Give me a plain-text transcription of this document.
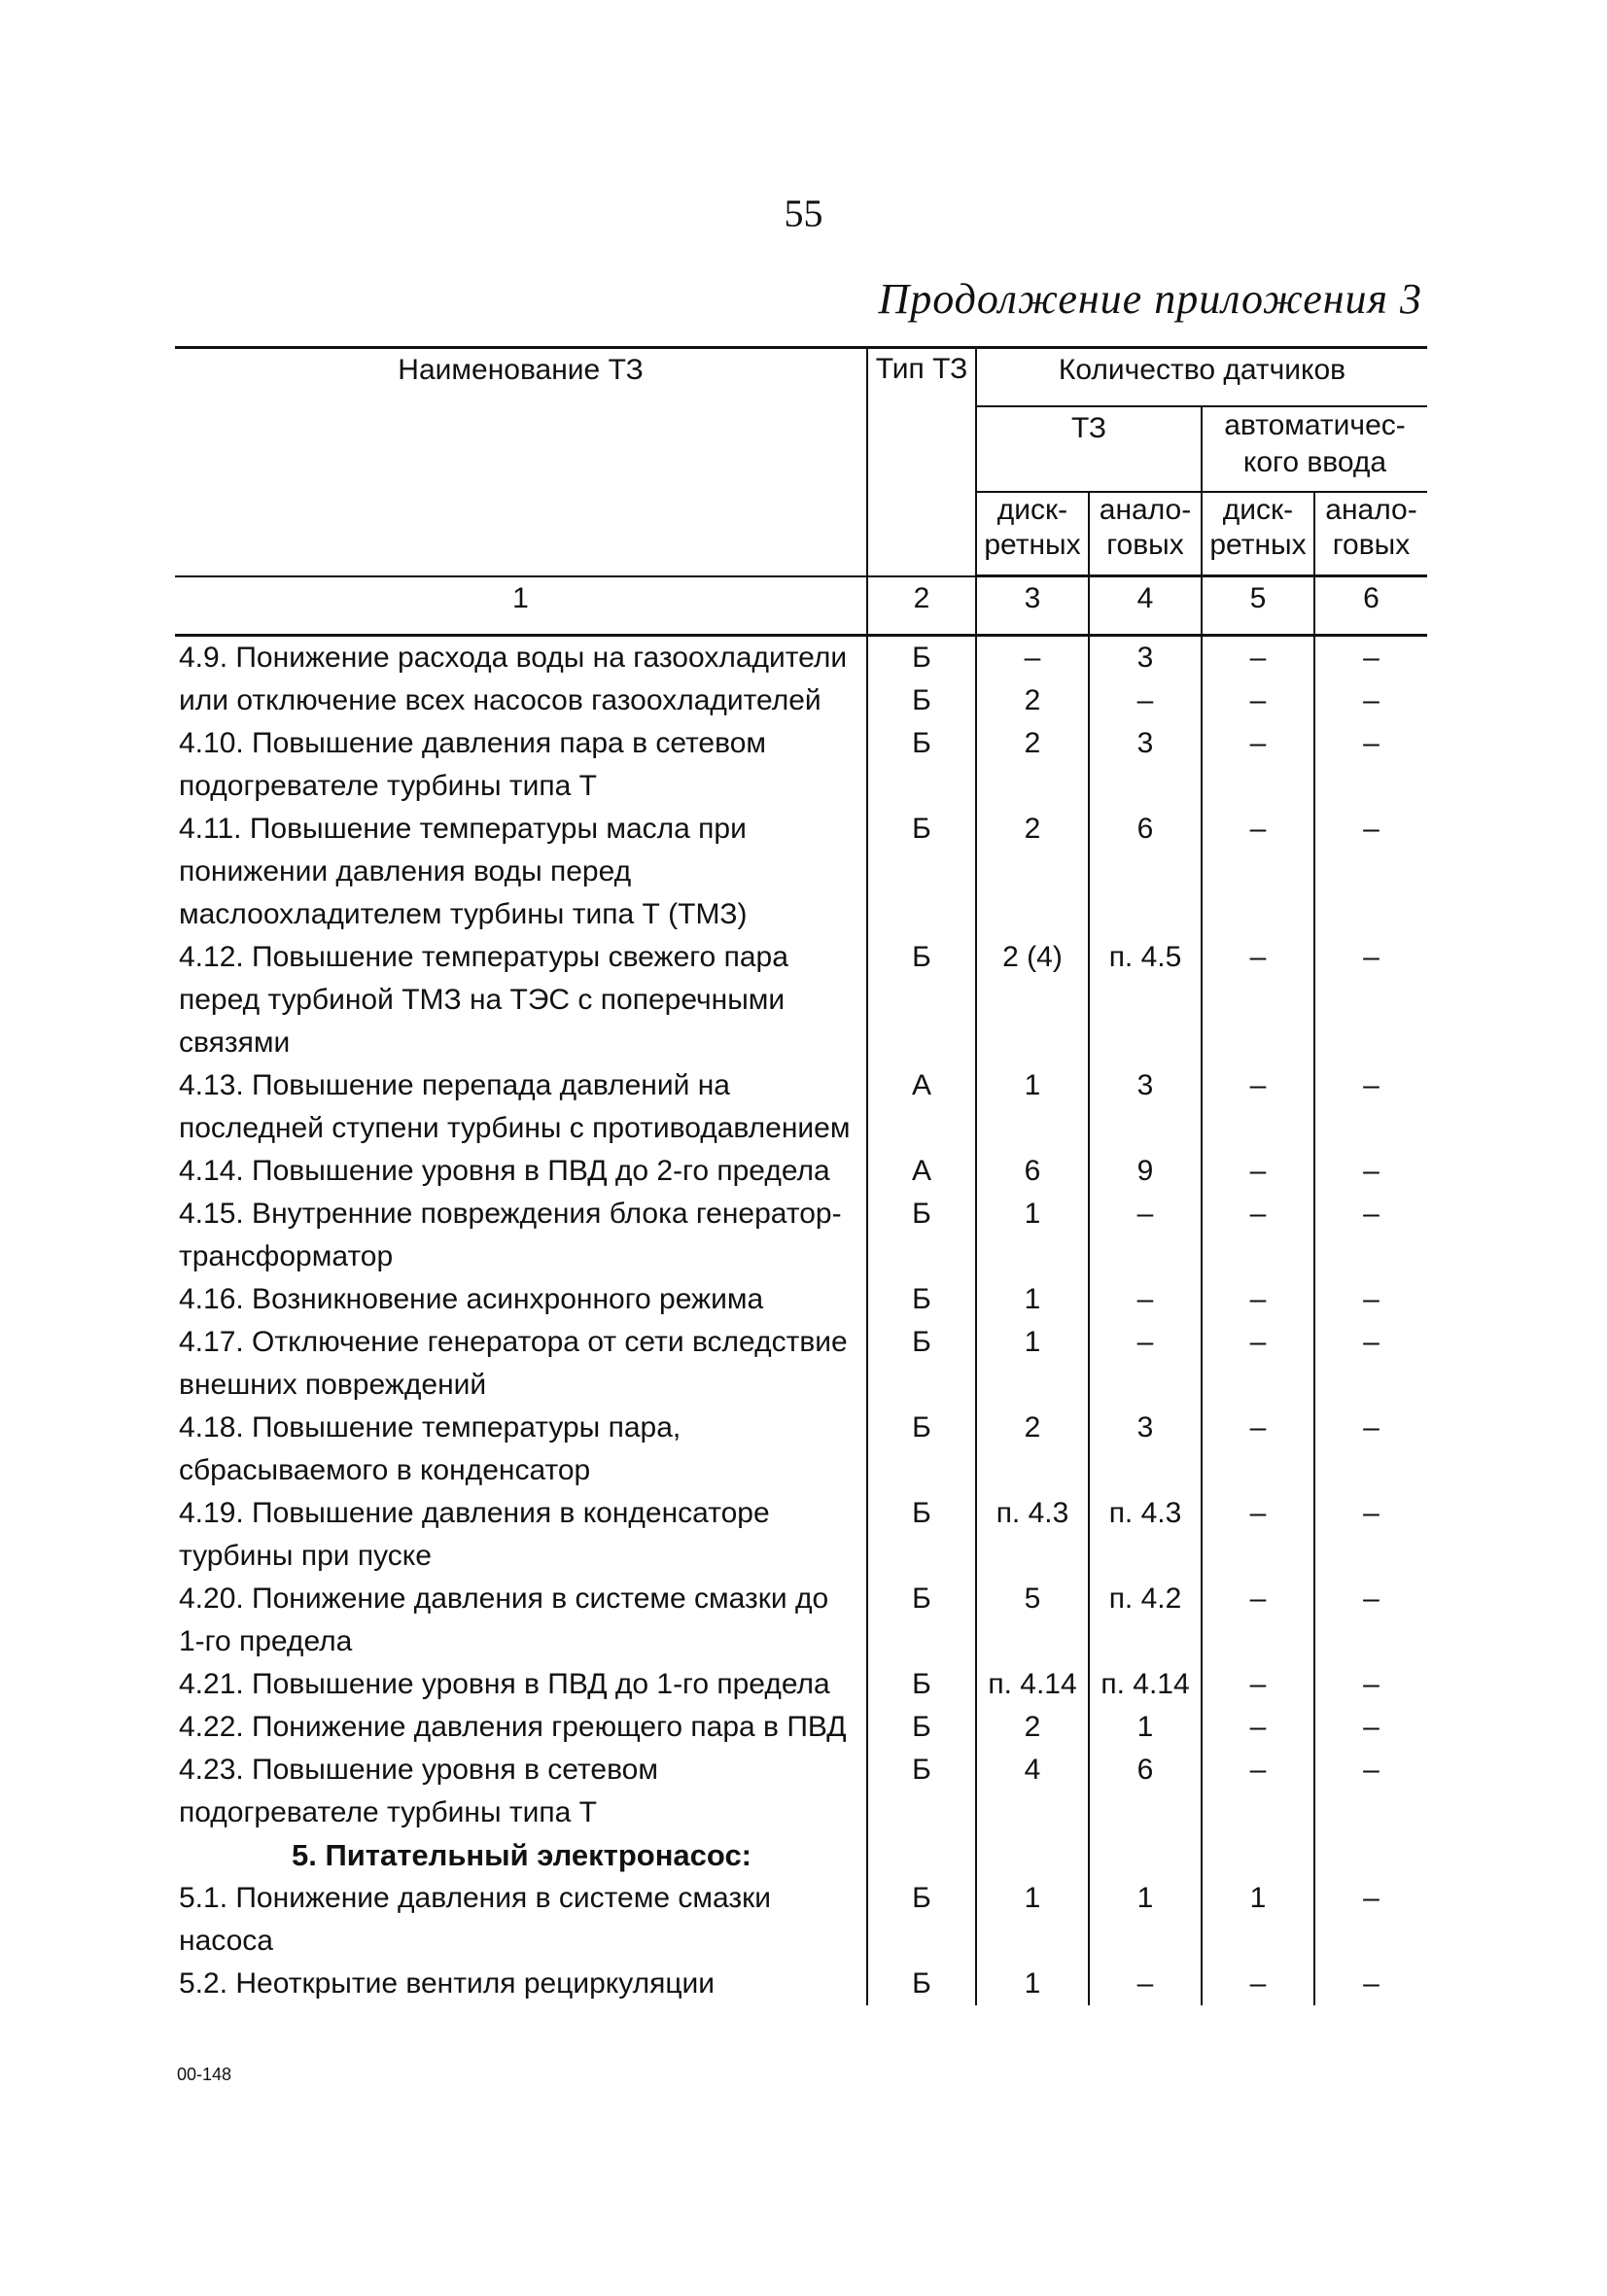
55
Продолжение приложения 3
Наименование ТЗ	Тип ТЗ	Количество датчиков			
		ТЗ		автоматичес-кого ввода	
		диск-ретных	анало-говых	диск-ретных	анало-говых
1	2	3	4	5	6
4.9. Понижение расхода воды на газоохладители	Б	–	3	–	–
или отключение всех насосов газоохладителей	Б	2	–	–	–
4.10. Повышение давления пара в сетевом подогревателе турбины типа Т	Б	2	3	–	–
4.11. Повышение температуры масла при понижении давления воды перед маслоохладителем турбины типа Т (ТМЗ)	Б	2	6	–	–
4.12. Повышение температуры свежего пара перед турбиной ТМЗ на ТЭС с поперечными связями	Б	2 (4)	п. 4.5	–	–
4.13. Повышение перепада давлений на последней ступени турбины с противодавлением	А	1	3	–	–
4.14. Повышение уровня в ПВД до 2-го предела	А	6	9	–	–
4.15. Внутренние повреждения блока генератор-трансформатор	Б	1	–	–	–
4.16. Возникновение асинхронного режима	Б	1	–	–	–
4.17. Отключение генератора от сети вследствие внешних повреждений	Б	1	–	–	–
4.18. Повышение температуры пара, сбрасываемого в конденсатор	Б	2	3	–	–
4.19. Повышение давления в конденсаторе турбины при пуске	Б	п. 4.3	п. 4.3	–	–
4.20. Понижение давления в системе смазки до 1-го предела	Б	5	п. 4.2	–	–
4.21. Повышение уровня в ПВД до 1-го предела	Б	п. 4.14	п. 4.14	–	–
4.22. Понижение давления греющего пара в ПВД	Б	2	1	–	–
4.23. Повышение уровня в сетевом подогревателе турбины типа Т	Б	4	6	–	–
5. Питательный электронасос:					
5.1. Понижение давления в системе смазки насоса	Б	1	1	1	–
5.2. Неоткрытие вентиля рециркуляции	Б	1	–	–	–
00-148
